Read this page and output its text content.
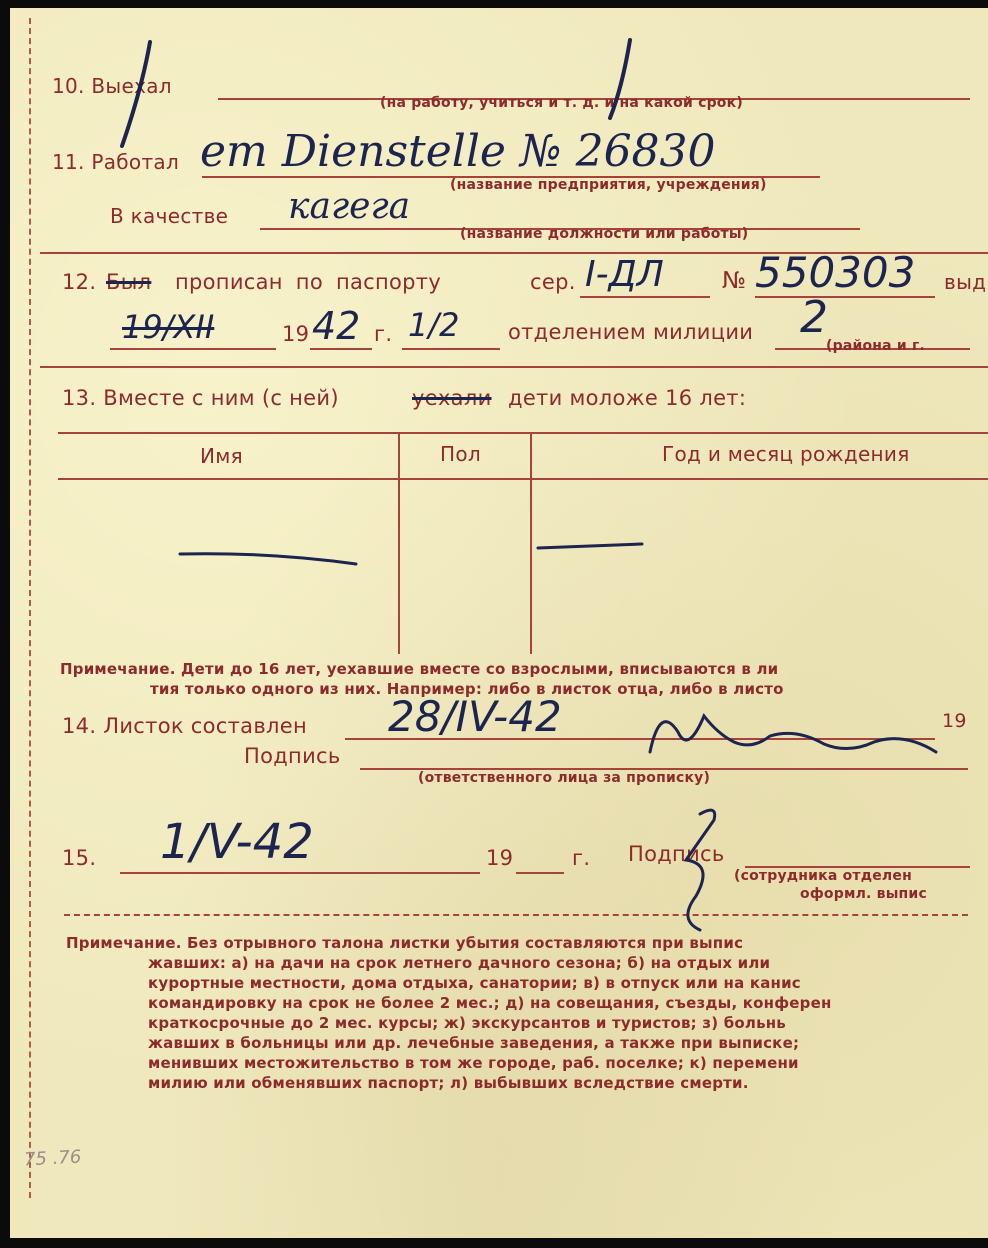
10. Выехал
(на работу, учиться и т. д. и на какой срок)
11. Работал em Dienstelle № 26830
(название предприятия, учреждения)
В качестве кагега
(название должности или работы)
12. Был прописан по паспорту	сер. I-ДЛ	№ 550303 выд
19/XII	19 42 г. 1/2 отделением милиции 2
(района и г.
13. Вместе с ним (с ней)	уехали дети моложе 16 лет:
Имя	Пол	Год и месяц рождения
Примечание. Дети до 16 лет, уехавшие вместе со взрослыми, вписываются в ли
тия только одного из них. Например: либо в листок отца, либо в листо
14. Листок составлен 28/IV-42	19
Подпись
(ответственного лица за прописку)
15. 1/V-42	19	г. Подпись
(сотрудника отделен
оформл. выпис
Примечание. Без отрывного талона листки убытия составляются при выпис
жавших: а) на дачи на срок летнего дачного сезона; б) на отдых или
курортные местности, дома отдыха, санатории; в) в отпуск или на канис
командировку на срок не более 2 мес.; д) на совещания, съезды, конферен
краткосрочные до 2 мес. курсы; ж) экскурсантов и туристов; з) больнь
жавших в больницы или др. лечебные заведения, а также при выписке;
менивших местожительство в том же городе, раб. поселке; к) перемени
милию или обменявших паспорт; л) выбывших вследствие смерти.
75 .76
